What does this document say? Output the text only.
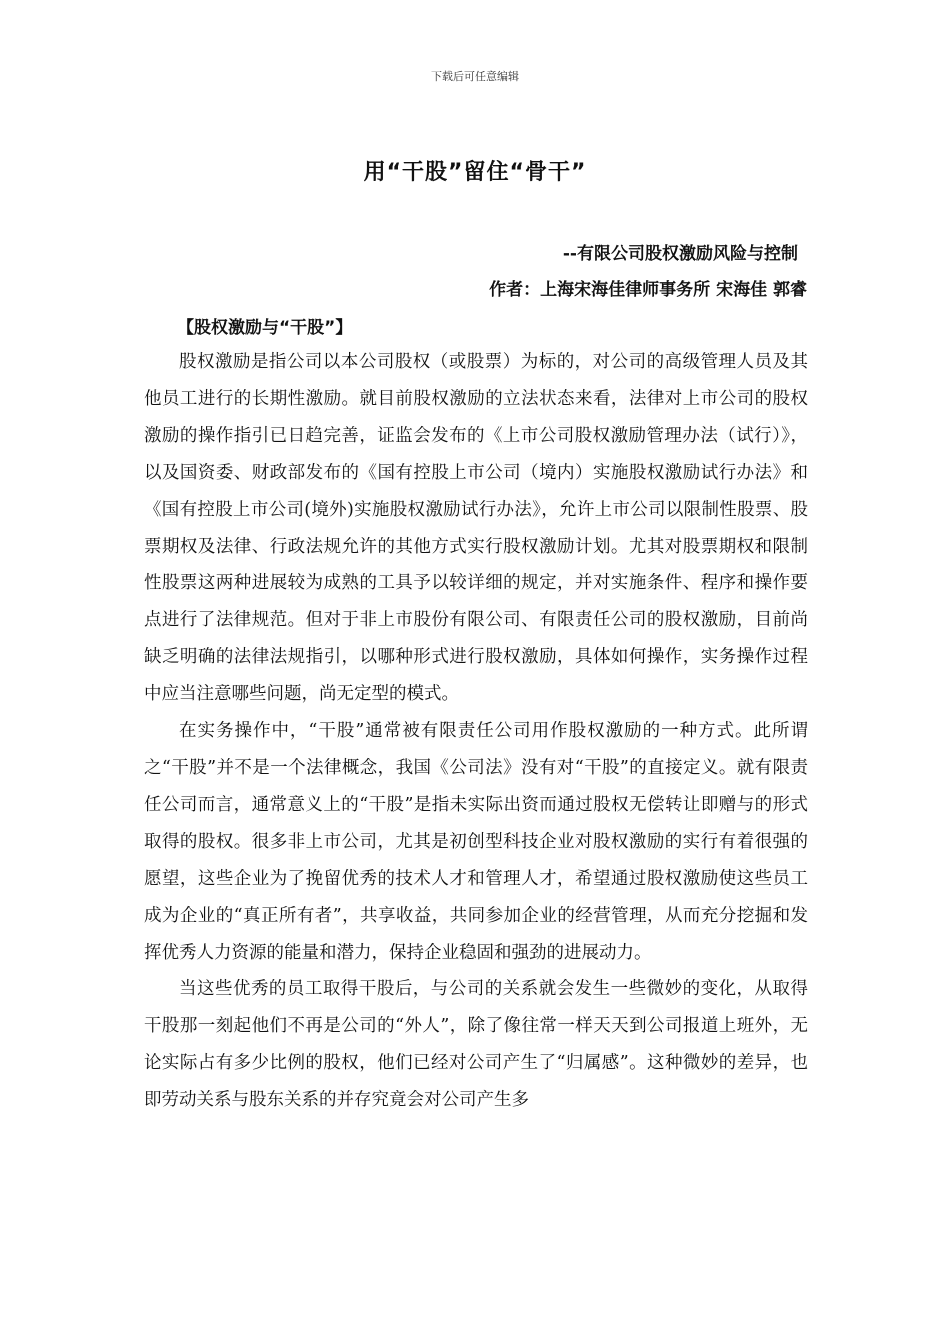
下载后可任意编辑
用“干股”留住“骨干”
--有限公司股权激励风险与控制
作者：上海宋海佳律师事务所 宋海佳 郭睿
【股权激励与“干股”】

股权激励是指公司以本公司股权（或股票）为标的，对公司的高级管理人员及其他员工进行的长期性激励。就目前股权激励的立法状态来看，法律对上市公司的股权激励的操作指引已日趋完善，证监会发布的《上市公司股权激励管理办法（试行）》，以及国资委、财政部发布的《国有控股上市公司（境内）实施股权激励试行办法》和《国有控股上市公司(境外)实施股权激励试行办法》，允许上市公司以限制性股票、股票期权及法律、行政法规允许的其他方式实行股权激励计划。尤其对股票期权和限制性股票这两种进展较为成熟的工具予以较详细的规定，并对实施条件、程序和操作要点进行了法律规范。但对于非上市股份有限公司、有限责任公司的股权激励，目前尚缺乏明确的法律法规指引，以哪种形式进行股权激励，具体如何操作，实务操作过程中应当注意哪些问题，尚无定型的模式。

在实务操作中，“干股”通常被有限责任公司用作股权激励的一种方式。此所谓之“干股”并不是一个法律概念，我国《公司法》没有对“干股”的直接定义。就有限责任公司而言，通常意义上的“干股”是指未实际出资而通过股权无偿转让即赠与的形式取得的股权。很多非上市公司，尤其是初创型科技企业对股权激励的实行有着很强的愿望，这些企业为了挽留优秀的技术人才和管理人才，希望通过股权激励使这些员工成为企业的“真正所有者”，共享收益，共同参加企业的经营管理，从而充分挖掘和发挥优秀人力资源的能量和潜力，保持企业稳固和强劲的进展动力。

当这些优秀的员工取得干股后，与公司的关系就会发生一些微妙的变化，从取得干股那一刻起他们不再是公司的“外人”，除了像往常一样天天到公司报道上班外，无论实际占有多少比例的股权，他们已经对公司产生了“归属感”。这种微妙的差异，也即劳动关系与股东关系的并存究竟会对公司产生多
